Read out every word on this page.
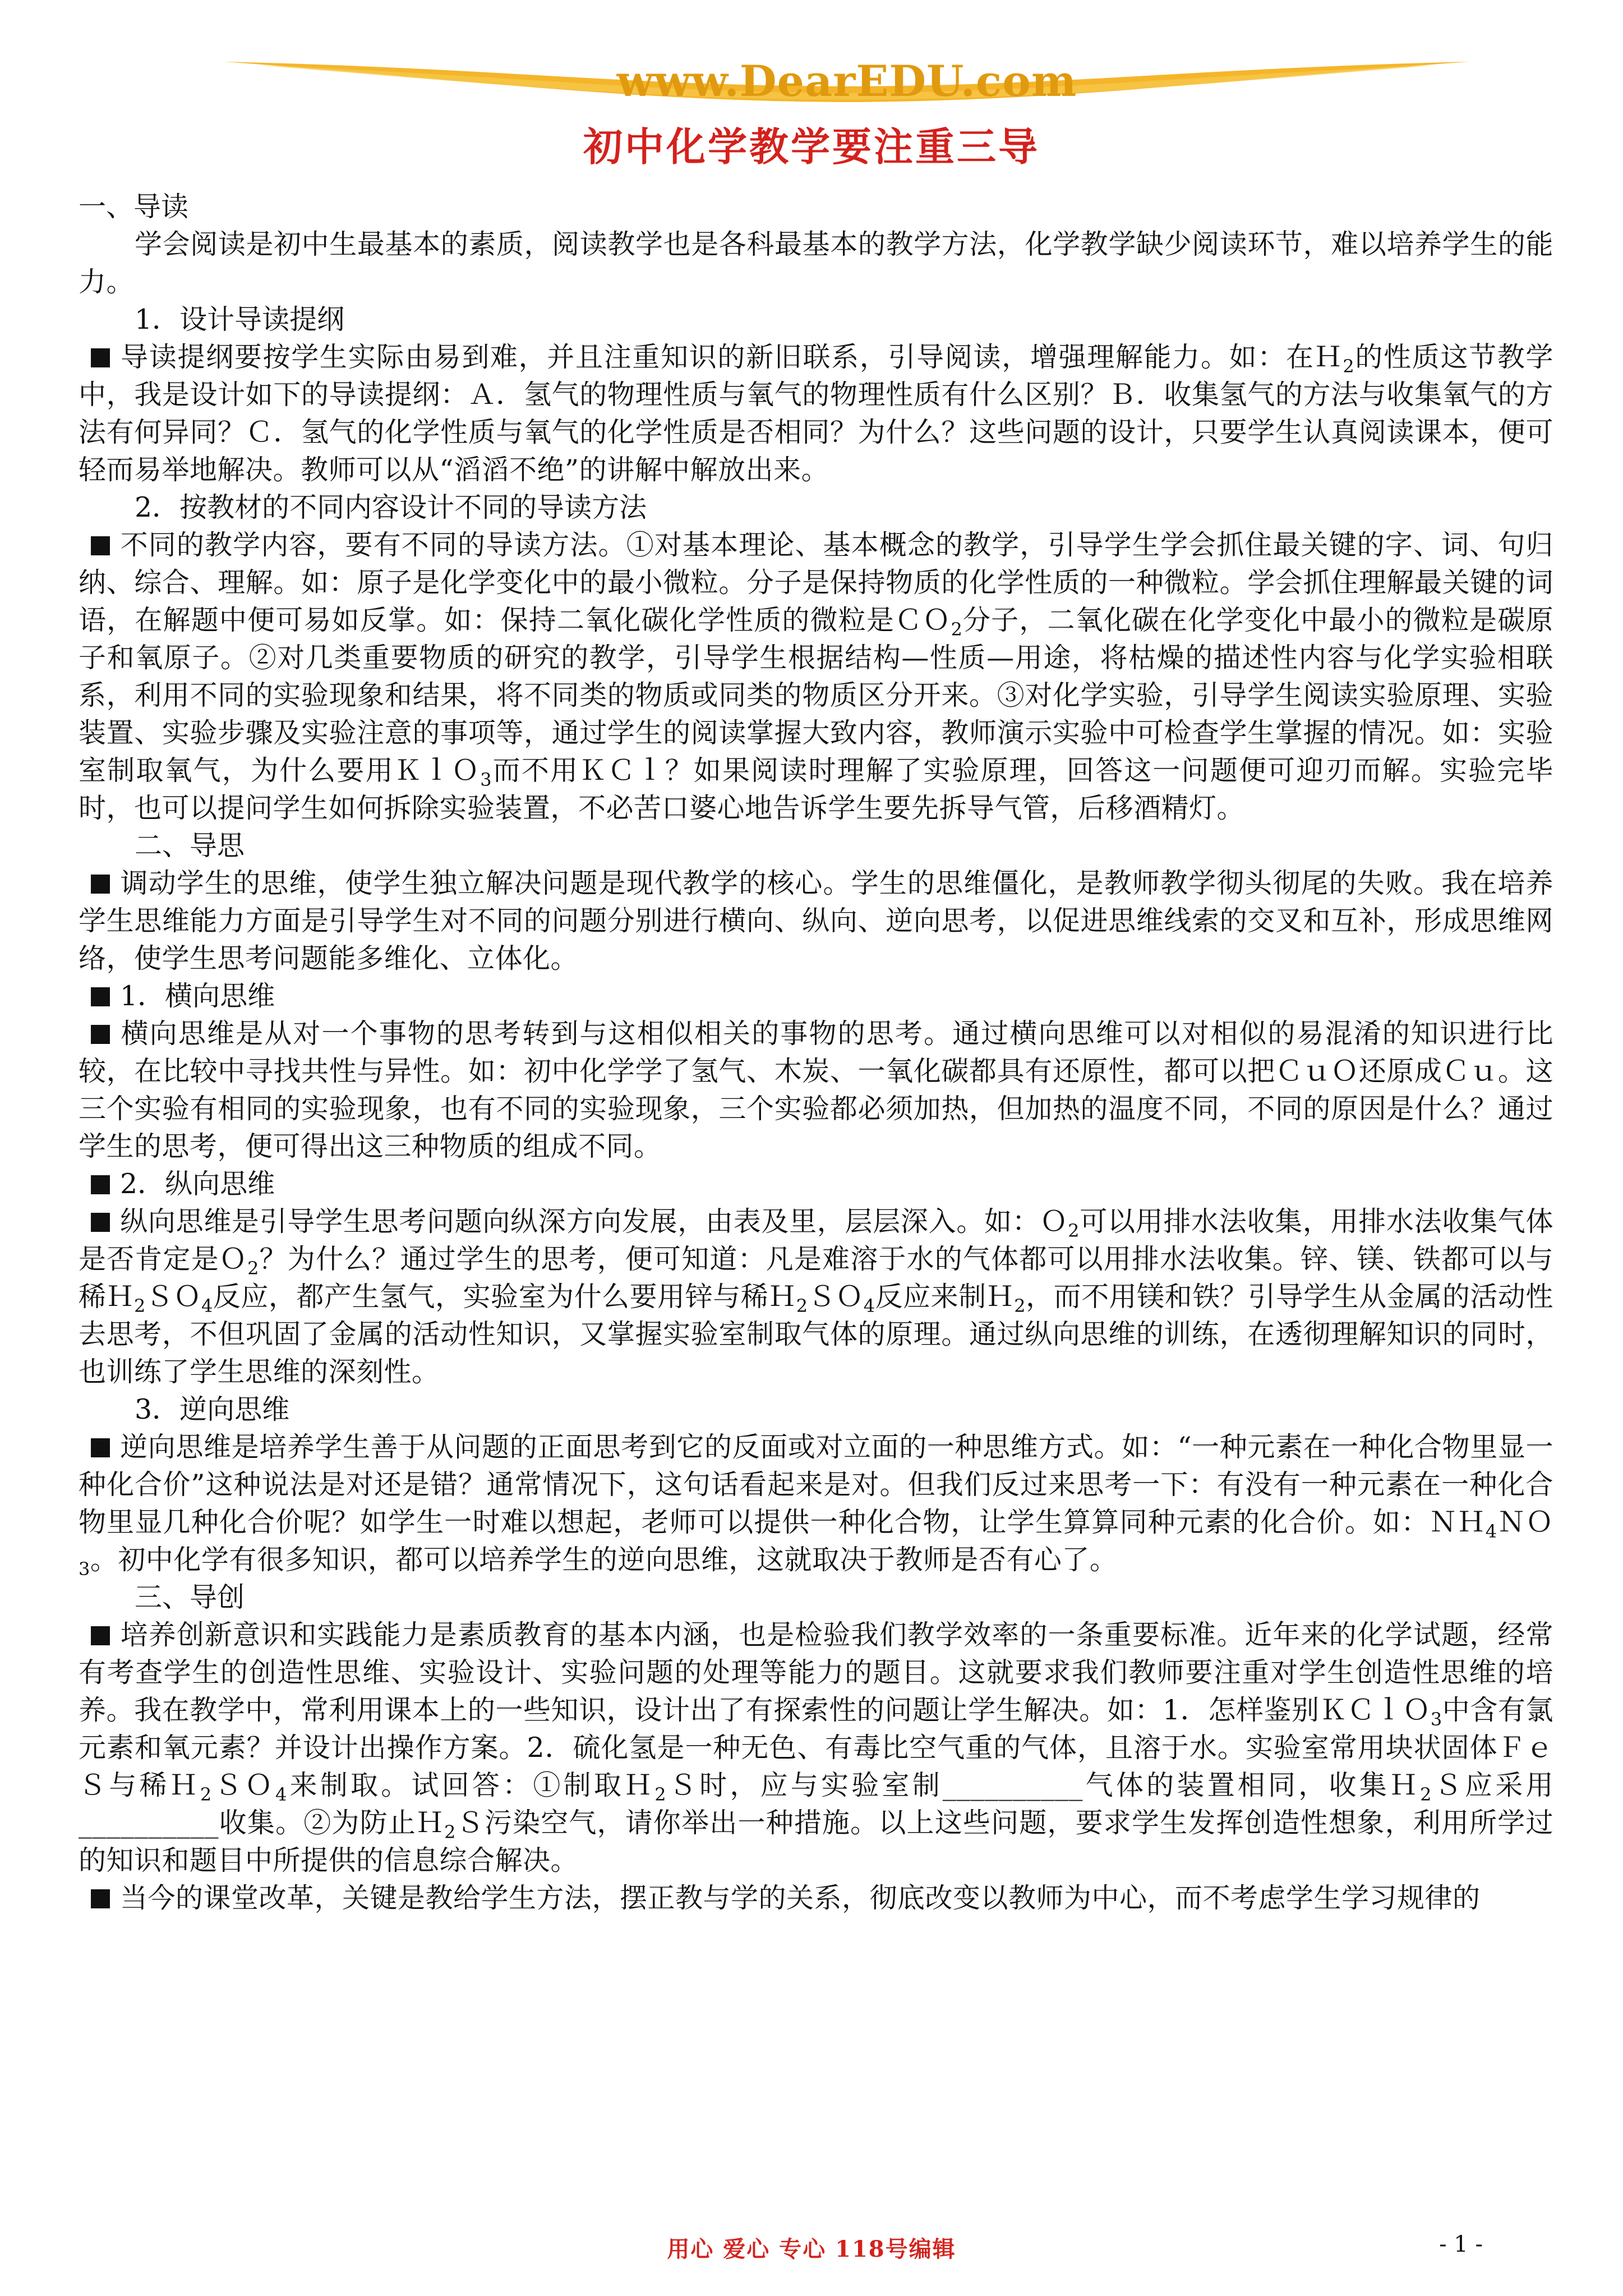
www.DearEDU.com
初中化学教学要注重三导

一、导读

学会阅读是初中生最基本的素质，阅读教学也是各科最基本的教学方法，化学教学缺少阅读环节，难以培养学生的能力。

1．设计导读提纲

导读提纲要按学生实际由易到难，并且注重知识的新旧联系，引导阅读，增强理解能力。如：在Ｈ$_2$的性质这节教学中，我是设计如下的导读提纲：Ａ．氢气的物理性质与氧气的物理性质有什么区别？Ｂ．收集氢气的方法与收集氧气的方法有何异同？Ｃ．氢气的化学性质与氧气的化学性质是否相同？为什么？这些问题的设计，只要学生认真阅读课本，便可轻而易举地解决。教师可以从“滔滔不绝”的讲解中解放出来。

2．按教材的不同内容设计不同的导读方法

不同的教学内容，要有不同的导读方法。①对基本理论、基本概念的教学，引导学生学会抓住最关键的字、词、句归纳、综合、理解。如：原子是化学变化中的最小微粒。分子是保持物质的化学性质的一种微粒。学会抓住理解最关键的词语，在解题中便可易如反掌。如：保持二氧化碳化学性质的微粒是ＣＯ$_2$分子，二氧化碳在化学变化中最小的微粒是碳原子和氧原子。②对几类重要物质的研究的教学，引导学生根据结构—性质—用途，将枯燥的描述性内容与化学实验相联系，利用不同的实验现象和结果，将不同类的物质或同类的物质区分开来。③对化学实验，引导学生阅读实验原理、实验装置、实验步骤及实验注意的事项等，通过学生的阅读掌握大致内容，教师演示实验中可检查学生掌握的情况。如：实验室制取氧气，为什么要用ＫｌＯ$_3$而不用ＫＣｌ？如果阅读时理解了实验原理，回答这一问题便可迎刃而解。实验完毕时，也可以提问学生如何拆除实验装置，不必苦口婆心地告诉学生要先拆导气管，后移酒精灯。

二、导思

调动学生的思维，使学生独立解决问题是现代教学的核心。学生的思维僵化，是教师教学彻头彻尾的失败。我在培养学生思维能力方面是引导学生对不同的问题分别进行横向、纵向、逆向思考，以促进思维线索的交叉和互补，形成思维网络，使学生思考问题能多维化、立体化。

1．横向思维

横向思维是从对一个事物的思考转到与这相似相关的事物的思考。通过横向思维可以对相似的易混淆的知识进行比较，在比较中寻找共性与异性。如：初中化学学了氢气、木炭、一氧化碳都具有还原性，都可以把ＣｕＯ还原成Ｃｕ。这三个实验有相同的实验现象，也有不同的实验现象，三个实验都必须加热，但加热的温度不同，不同的原因是什么？通过学生的思考，便可得出这三种物质的组成不同。

2．纵向思维

纵向思维是引导学生思考问题向纵深方向发展，由表及里，层层深入。如：Ｏ$_2$可以用排水法收集，用排水法收集气体是否肯定是Ｏ$_2$？为什么？通过学生的思考，便可知道：凡是难溶于水的气体都可以用排水法收集。锌、镁、铁都可以与稀Ｈ$_2$ＳＯ$_4$反应，都产生氢气，实验室为什么要用锌与稀Ｈ$_2$ＳＯ$_4$反应来制Ｈ$_2$，而不用镁和铁？引导学生从金属的活动性去思考，不但巩固了金属的活动性知识，又掌握实验室制取气体的原理。通过纵向思维的训练，在透彻理解知识的同时，也训练了学生思维的深刻性。

3．逆向思维

逆向思维是培养学生善于从问题的正面思考到它的反面或对立面的一种思维方式。如：“一种元素在一种化合物里显一种化合价”这种说法是对还是错？通常情况下，这句话看起来是对。但我们反过来思考一下：有没有一种元素在一种化合物里显几种化合价呢？如学生一时难以想起，老师可以提供一种化合物，让学生算算同种元素的化合价。如：ＮＨ$_4$ＮＯ$_3$。初中化学有很多知识，都可以培养学生的逆向思维，这就取决于教师是否有心了。

三、导创

培养创新意识和实践能力是素质教育的基本内涵，也是检验我们教学效率的一条重要标准。近年来的化学试题，经常有考查学生的创造性思维、实验设计、实验问题的处理等能力的题目。这就要求我们教师要注重对学生创造性思维的培养。我在教学中，常利用课本上的一些知识，设计出了有探索性的问题让学生解决。如：1．怎样鉴别ＫＣｌＯ$_3$中含有氯元素和氧元素？并设计出操作方案。2．硫化氢是一种无色、有毒比空气重的气体，且溶于水。实验室常用块状固体ＦｅＳ与稀Ｈ$_2$ＳＯ$_4$来制取。试回答：①制取Ｈ$_2$Ｓ时，应与实验室制__________气体的装置相同，收集Ｈ$_2$Ｓ应采用__________收集。②为防止Ｈ$_2$Ｓ污染空气，请你举出一种措施。以上这些问题，要求学生发挥创造性想象，利用所学过的知识和题目中所提供的信息综合解决。

当今的课堂改革，关键是教给学生方法，摆正教与学的关系，彻底改变以教师为中心，而不考虑学生学习规律的

用心 爱心 专心 118号编辑	- 1 -
